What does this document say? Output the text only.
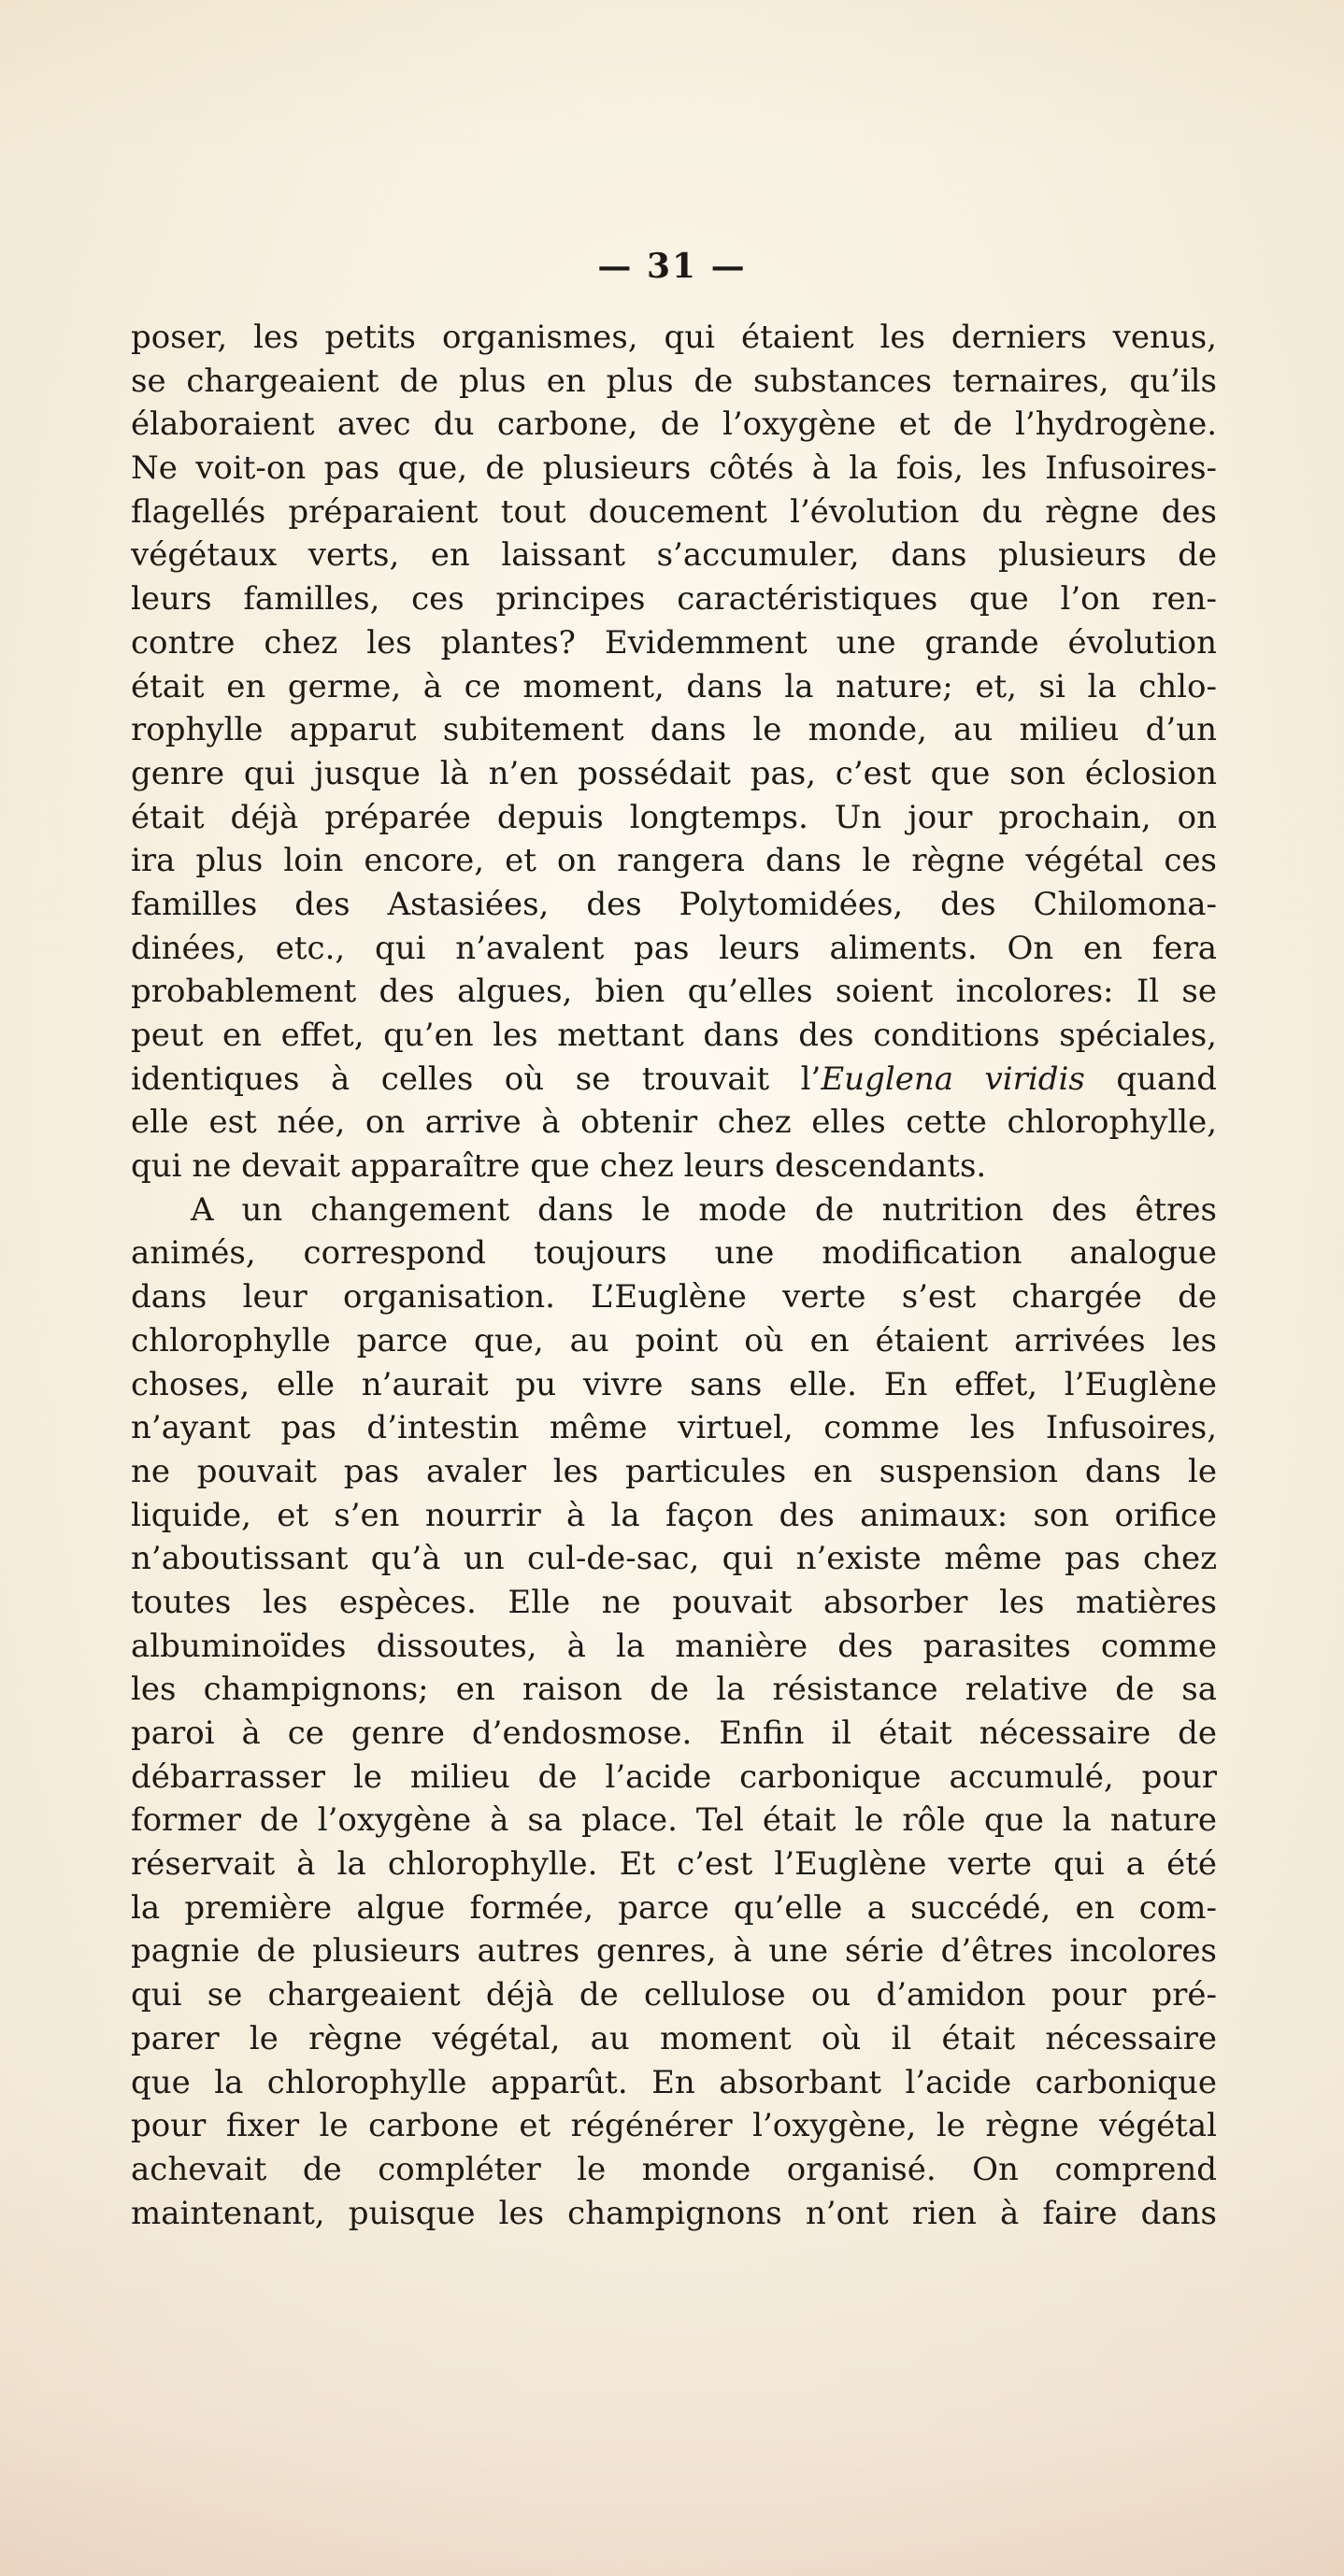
— 31 —
poser, les petits organismes, qui étaient les derniers venus,
se chargeaient de plus en plus de substances ternaires, qu’ils
élaboraient avec du carbone, de l’oxygène et de l’hydrogène.
Ne voit-on pas que, de plusieurs côtés à la fois, les Infusoires-
flagellés préparaient tout doucement l’évolution du règne des
végétaux verts, en laissant s’accumuler, dans plusieurs de
leurs familles, ces principes caractéristiques que l’on ren-
contre chez les plantes? Evidemment une grande évolution
était en germe, à ce moment, dans la nature; et, si la chlo-
rophylle apparut subitement dans le monde, au milieu d’un
genre qui jusque là n’en possédait pas, c’est que son éclosion
était déjà préparée depuis longtemps. Un jour prochain, on
ira plus loin encore, et on rangera dans le règne végétal ces
familles des Astasiées, des Polytomidées, des Chilomona-
dinées, etc., qui n’avalent pas leurs aliments. On en fera
probablement des algues, bien qu’elles soient incolores: Il se
peut en effet, qu’en les mettant dans des conditions spéciales,
identiques à celles où se trouvait l’Euglena viridis quand
elle est née, on arrive à obtenir chez elles cette chlorophylle,
qui ne devait apparaître que chez leurs descendants.
A un changement dans le mode de nutrition des êtres
animés, correspond toujours une modification analogue
dans leur organisation. L’Euglène verte s’est chargée de
chlorophylle parce que, au point où en étaient arrivées les
choses, elle n’aurait pu vivre sans elle. En effet, l’Euglène
n’ayant pas d’intestin même virtuel, comme les Infusoires,
ne pouvait pas avaler les particules en suspension dans le
liquide, et s’en nourrir à la façon des animaux: son orifice
n’aboutissant qu’à un cul-de-sac, qui n’existe même pas chez
toutes les espèces. Elle ne pouvait absorber les matières
albuminoïdes dissoutes, à la manière des parasites comme
les champignons; en raison de la résistance relative de sa
paroi à ce genre d’endosmose. Enfin il était nécessaire de
débarrasser le milieu de l’acide carbonique accumulé, pour
former de l’oxygène à sa place. Tel était le rôle que la nature
réservait à la chlorophylle. Et c’est l’Euglène verte qui a été
la première algue formée, parce qu’elle a succédé, en com-
pagnie de plusieurs autres genres, à une série d’êtres incolores
qui se chargeaient déjà de cellulose ou d’amidon pour pré-
parer le règne végétal, au moment où il était nécessaire
que la chlorophylle apparût. En absorbant l’acide carbonique
pour fixer le carbone et régénérer l’oxygène, le règne végétal
achevait de compléter le monde organisé. On comprend
maintenant, puisque les champignons n’ont rien à faire dans
